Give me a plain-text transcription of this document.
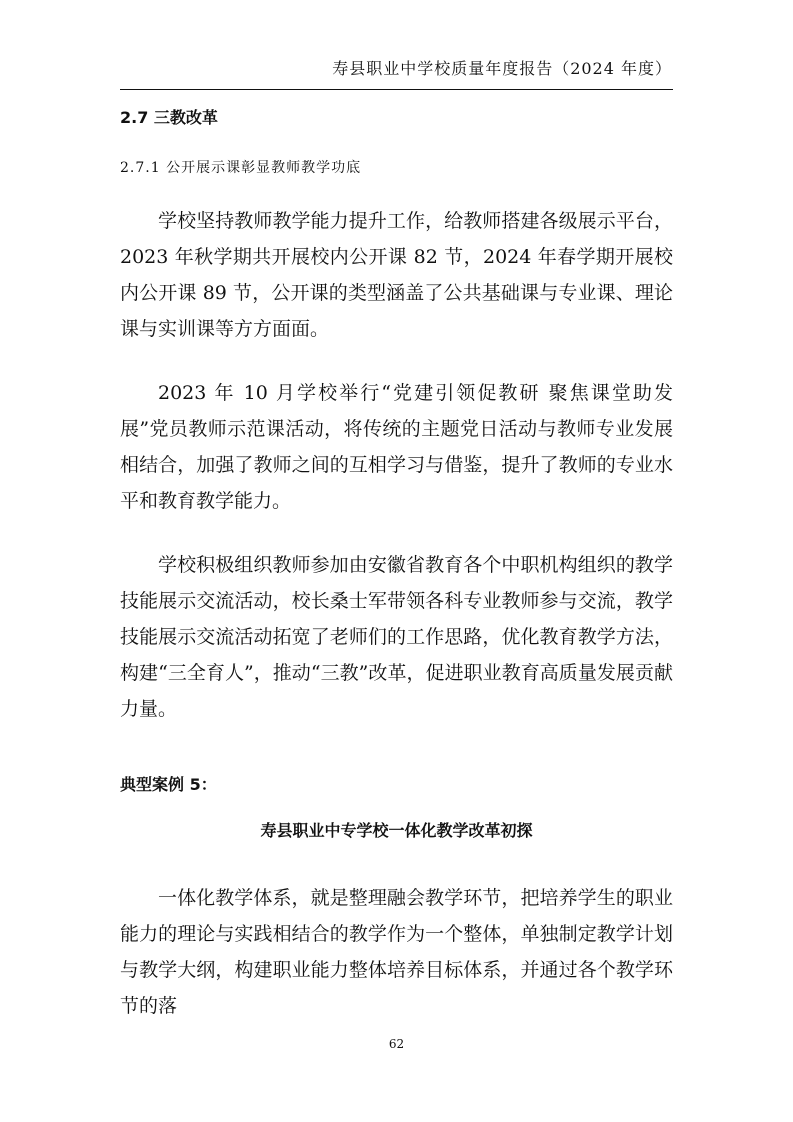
寿县职业中学校质量年度报告（2024 年度）
2.7 三教改革
2.7.1 公开展示课彰显教师教学功底

学校坚持教师教学能力提升工作，给教师搭建各级展示平台，2023 年秋学期共开展校内公开课 82 节，2024 年春学期开展校内公开课 89 节，公开课的类型涵盖了公共基础课与专业课、理论课与实训课等方方面面。

2023 年 10 月学校举行“党建引领促教研 聚焦课堂助发展”党员教师示范课活动，将传统的主题党日活动与教师专业发展相结合，加强了教师之间的互相学习与借鉴，提升了教师的专业水平和教育教学能力。

学校积极组织教师参加由安徽省教育各个中职机构组织的教学技能展示交流活动，校长桑士军带领各科专业教师参与交流，教学技能展示交流活动拓宽了老师们的工作思路，优化教育教学方法，构建“三全育人”，推动“三教”改革，促进职业教育高质量发展贡献力量。

典型案例 5：
寿县职业中专学校一体化教学改革初探

一体化教学体系，就是整理融会教学环节，把培养学生的职业能力的理论与实践相结合的教学作为一个整体，单独制定教学计划与教学大纲，构建职业能力整体培养目标体系，并通过各个教学环节的落

62
